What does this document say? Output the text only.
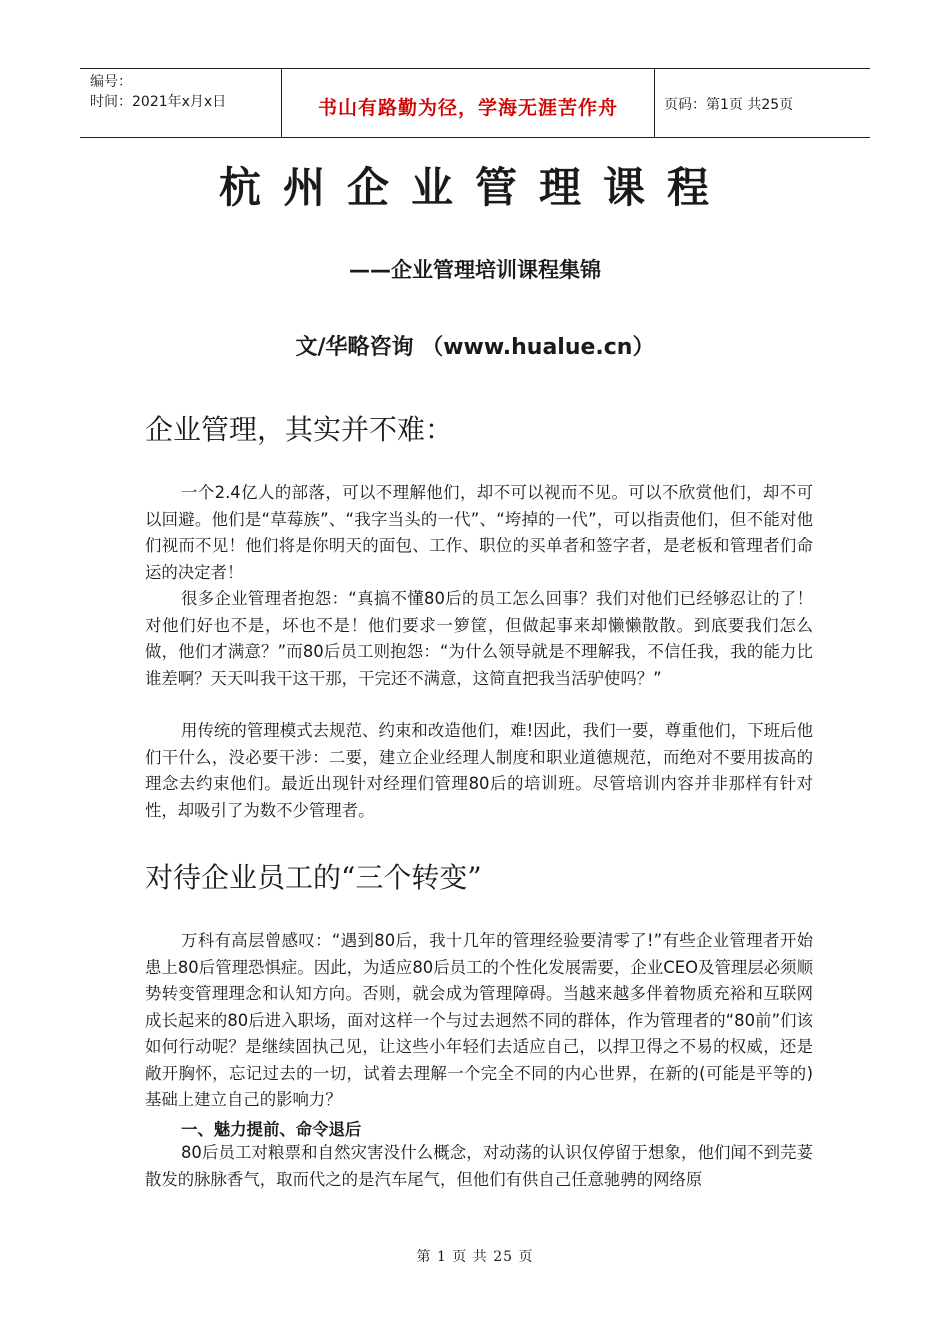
编号：
时间：2021年x月x日	书山有路勤为径，学海无涯苦作舟	页码：第1页 共25页
杭州企业管理课程
——企业管理培训课程集锦
文/华略咨询 （www.hualue.cn）
企业管理，其实并不难：

一个2.4亿人的部落，可以不理解他们，却不可以视而不见。可以不欣赏他们，却不可以回避。他们是“草莓族”、“我字当头的一代”、“垮掉的一代”，可以指责他们，但不能对他们视而不见！他们将是你明天的面包、工作、职位的买单者和签字者，是老板和管理者们命运的决定者！

很多企业管理者抱怨：“真搞不懂80后的员工怎么回事？我们对他们已经够忍让的了！对他们好也不是，坏也不是！他们要求一箩筐，但做起事来却懒懒散散。到底要我们怎么做，他们才满意？”而80后员工则抱怨：“为什么领导就是不理解我，不信任我，我的能力比谁差啊？天天叫我干这干那，干完还不满意，这简直把我当活驴使吗？”

用传统的管理模式去规范、约束和改造他们，难!因此，我们一要，尊重他们，下班后他们干什么，没必要干涉：二要，建立企业经理人制度和职业道德规范，而绝对不要用拔高的理念去约束他们。最近出现针对经理们管理80后的培训班。尽管培训内容并非那样有针对性，却吸引了为数不少管理者。

对待企业员工的“三个转变”

万科有高层曾感叹：“遇到80后，我十几年的管理经验要清零了!”有些企业管理者开始患上80后管理恐惧症。因此，为适应80后员工的个性化发展需要，企业CEO及管理层必须顺势转变管理理念和认知方向。否则，就会成为管理障碍。当越来越多伴着物质充裕和互联网成长起来的80后进入职场，面对这样一个与过去迥然不同的群体，作为管理者的“80前”们该如何行动呢？是继续固执己见，让这些小年轻们去适应自己，以捍卫得之不易的权威，还是敞开胸怀，忘记过去的一切，试着去理解一个完全不同的内心世界，在新的(可能是平等的)基础上建立自己的影响力？

一、魅力提前、命令退后

80后员工对粮票和自然灾害没什么概念，对动荡的认识仅停留于想象，他们闻不到芫荽散发的脉脉香气，取而代之的是汽车尾气，但他们有供自己任意驰骋的网络原

第 1 页 共 25 页
